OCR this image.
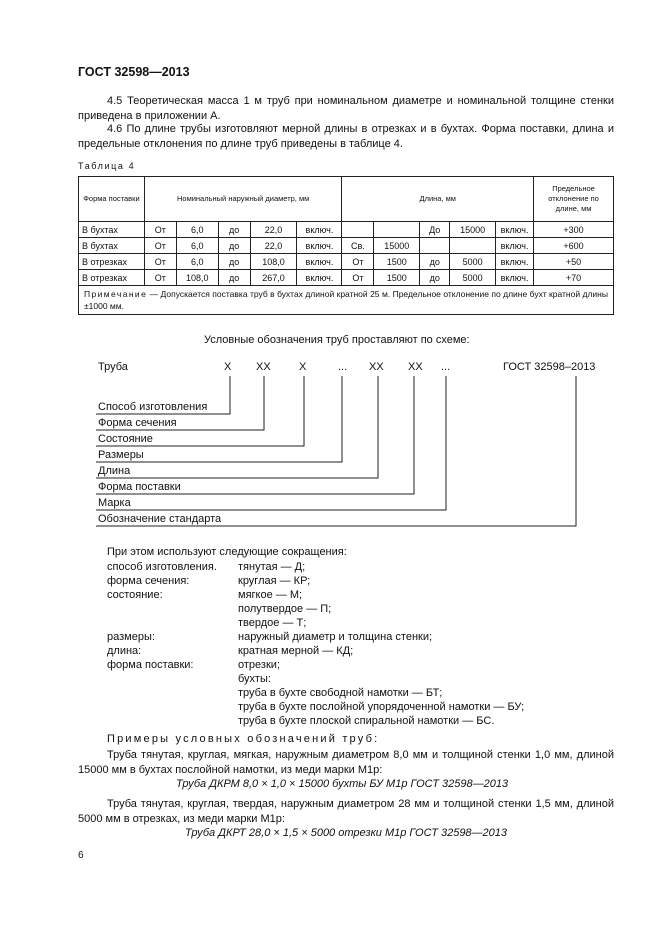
ГОСТ 32598—2013
4.5 Теоретическая масса 1 м труб при номинальном диаметре и номинальной толщине стенки приведена в приложении А.
4.6 По длине трубы изготовляют мерной длины в отрезках и в бухтах. Форма поставки, длина и предельные отклонения по длине труб приведены в таблице 4.
Таблица 4
Форма поставки	Номинальный наружный диаметр, мм					Длина, мм					Предельное отклонение по длине, мм
В бухтах	От	6,0	до	22,0	включ.			До	15000	включ.	+300
В бухтах	От	6,0	до	22,0	включ.	Св.	15000			включ.	+600
В отрезках	От	6,0	до	108,0	включ.	От	1500	до	5000	включ.	+50
В отрезках	От	108,0	до	267,0	включ.	От	1500	до	5000	включ.	+70
Примечание — Допускается поставка труб в бухтах длиной кратной 25 м. Предельное отклонение по длине бухт кратной длины ±1000 мм.											
Условные обозначения труб проставляют по схеме:
Труба	X XX	X	... XX XX ...	ГОСТ 32598–2013
Способ изготовления
Форма сечения
Состояние
Размеры
Длина
Форма поставки
Марка
Обозначение стандарта
При этом используют следующие сокращения:
способ изготовления. тянутая — Д;
форма сечения:	круглая — КР;
состояние:	мягкое — М;
полутвердое — П;
твердое — Т;
размеры:	наружный диаметр и толщина стенки;
длина:	кратная мерной — КД;
форма поставки:	отрезки;
бухты:
труба в бухте свободной намотки — БТ;
труба в бухте послойной упорядоченной намотки — БУ;
труба в бухте плоской спиральной намотки — БС.
Примеры условных обозначений труб:
Труба тянутая, круглая, мягкая, наружным диаметром 8,0 мм и толщиной стенки 1,0 мм, длиной 15000 мм в бухтах послойной намотки, из меди марки М1р:
Труба ДКРМ 8,0 × 1,0 × 15000 бухты БУ М1р ГОСТ 32598—2013
Труба тянутая, круглая, твердая, наружным диаметром 28 мм и толщиной стенки 1,5 мм, длиной 5000 мм в отрезках, из меди марки М1р:
Труба ДКРТ 28,0 × 1,5 × 5000 отрезки М1р ГОСТ 32598—2013
6
